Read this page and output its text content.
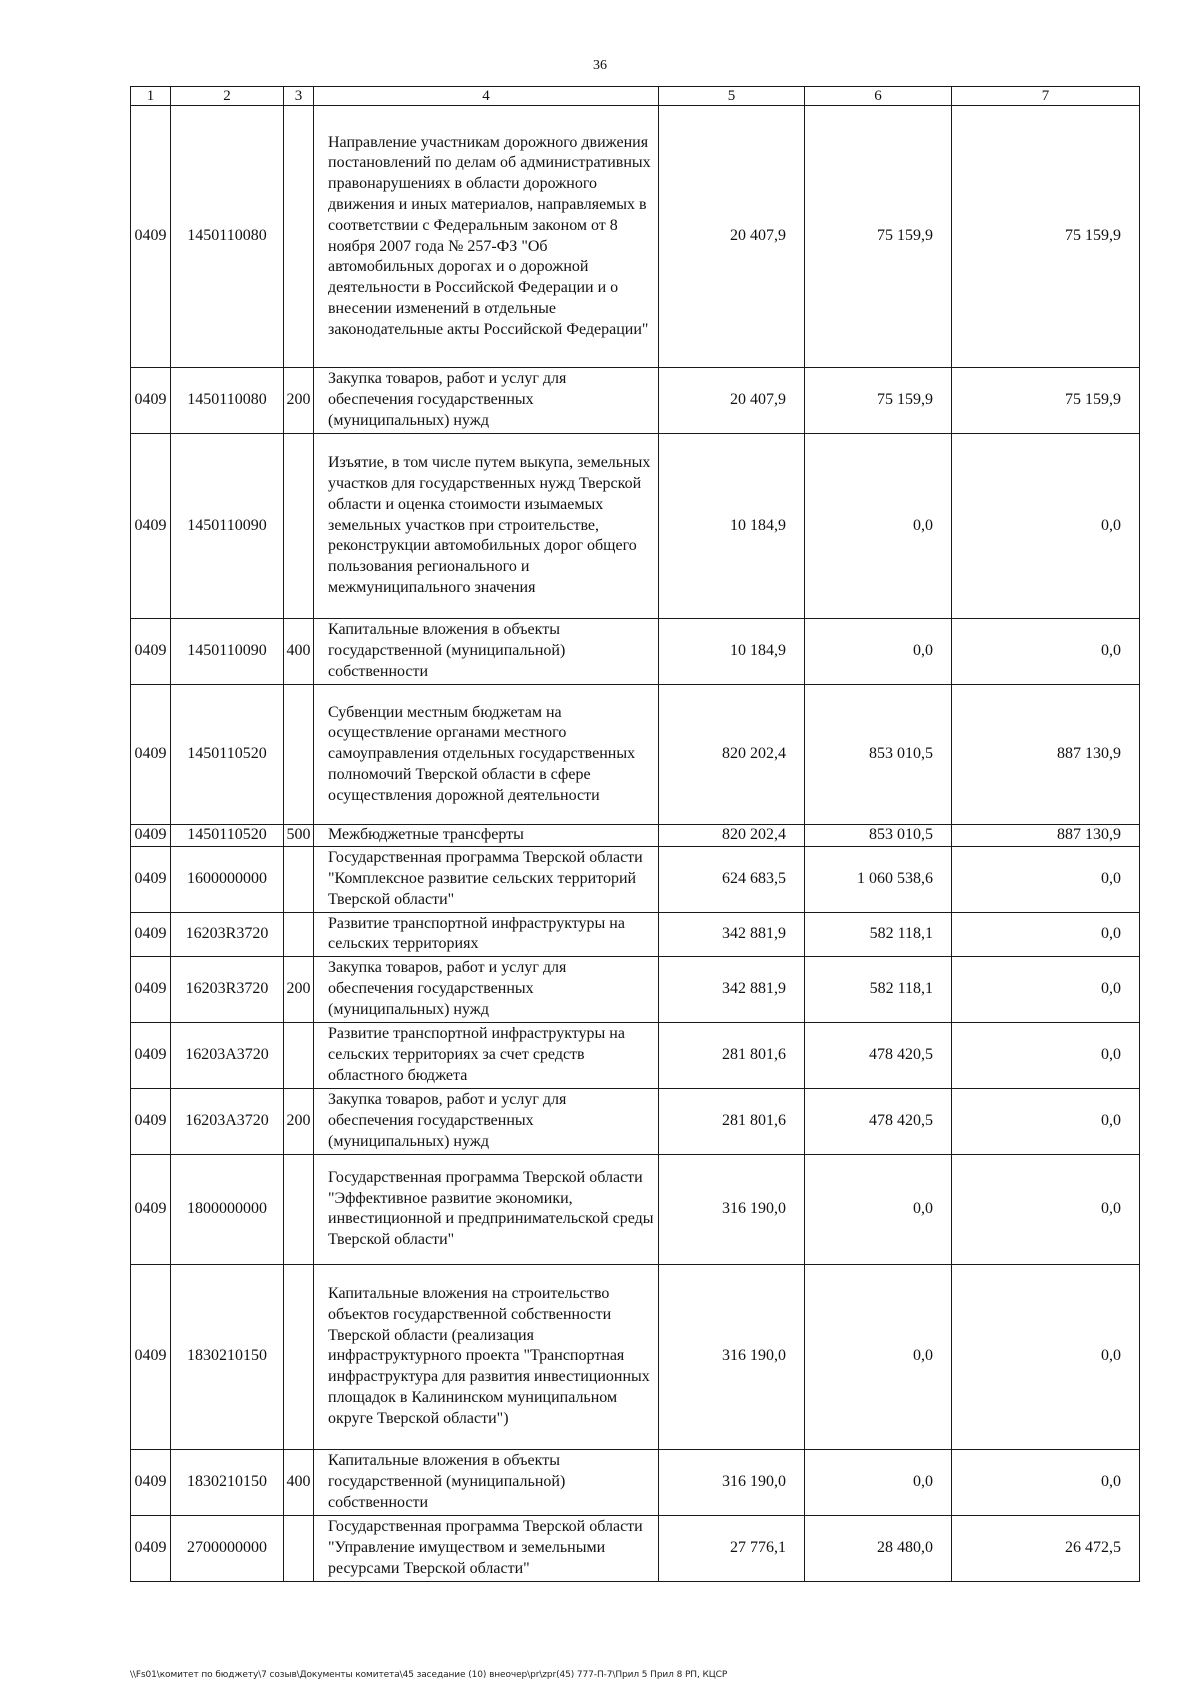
36
1	2	3	4	5	6	7
0409	1450110080		Направление участникам дорожного движения постановлений по делам об административных правонарушениях в области дорожного движения и иных материалов, направляемых в соответствии с Федеральным законом от 8 ноября 2007 года № 257-ФЗ "Об автомобильных дорогах и о дорожной деятельности в Российской Федерации и о внесении изменений в отдельные законодательные акты Российской Федерации"	20 407,9	75 159,9	75 159,9
0409	1450110080	200	Закупка товаров, работ и услуг для обеспечения государственных (муниципальных) нужд	20 407,9	75 159,9	75 159,9
0409	1450110090		Изъятие, в том числе путем выкупа, земельных участков для государственных нужд Тверской области и оценка стоимости изымаемых земельных участков при строительстве, реконструкции автомобильных дорог общего пользования регионального и межмуниципального значения	10 184,9	0,0	0,0
0409	1450110090	400	Капитальные вложения в объекты государственной (муниципальной) собственности	10 184,9	0,0	0,0
0409	1450110520		Субвенции местным бюджетам на осуществление органами местного самоуправления отдельных государственных полномочий Тверской области в сфере осуществления дорожной деятельности	820 202,4	853 010,5	887 130,9
0409	1450110520	500	Межбюджетные трансферты	820 202,4	853 010,5	887 130,9
0409	1600000000		Государственная программа Тверской области "Комплексное развитие сельских территорий Тверской области"	624 683,5	1 060 538,6	0,0
0409	16203R3720		Развитие транспортной инфраструктуры на сельских территориях	342 881,9	582 118,1	0,0
0409	16203R3720	200	Закупка товаров, работ и услуг для обеспечения государственных (муниципальных) нужд	342 881,9	582 118,1	0,0
0409	16203А3720		Развитие транспортной инфраструктуры на сельских территориях за счет средств областного бюджета	281 801,6	478 420,5	0,0
0409	16203А3720	200	Закупка товаров, работ и услуг для обеспечения государственных (муниципальных) нужд	281 801,6	478 420,5	0,0
0409	1800000000		Государственная программа Тверской области "Эффективное развитие экономики, инвестиционной и предпринимательской среды Тверской области"	316 190,0	0,0	0,0
0409	1830210150		Капитальные вложения на строительство объектов государственной собственности Тверской области (реализация инфраструктурного проекта "Транспортная инфраструктура для развития инвестиционных площадок в Калининском муниципальном округе Тверской области")	316 190,0	0,0	0,0
0409	1830210150	400	Капитальные вложения в объекты государственной (муниципальной) собственности	316 190,0	0,0	0,0
0409	2700000000		Государственная программа Тверской области "Управление имуществом и земельными ресурсами Тверской области"	27 776,1	28 480,0	26 472,5
\\Fs01\комитет по бюджету\7 созыв\Документы комитета\45 заседание (10) внеочер\pr\zpr(45) 777-П-7\Прил 5 Прил 8 РП, КЦСР
